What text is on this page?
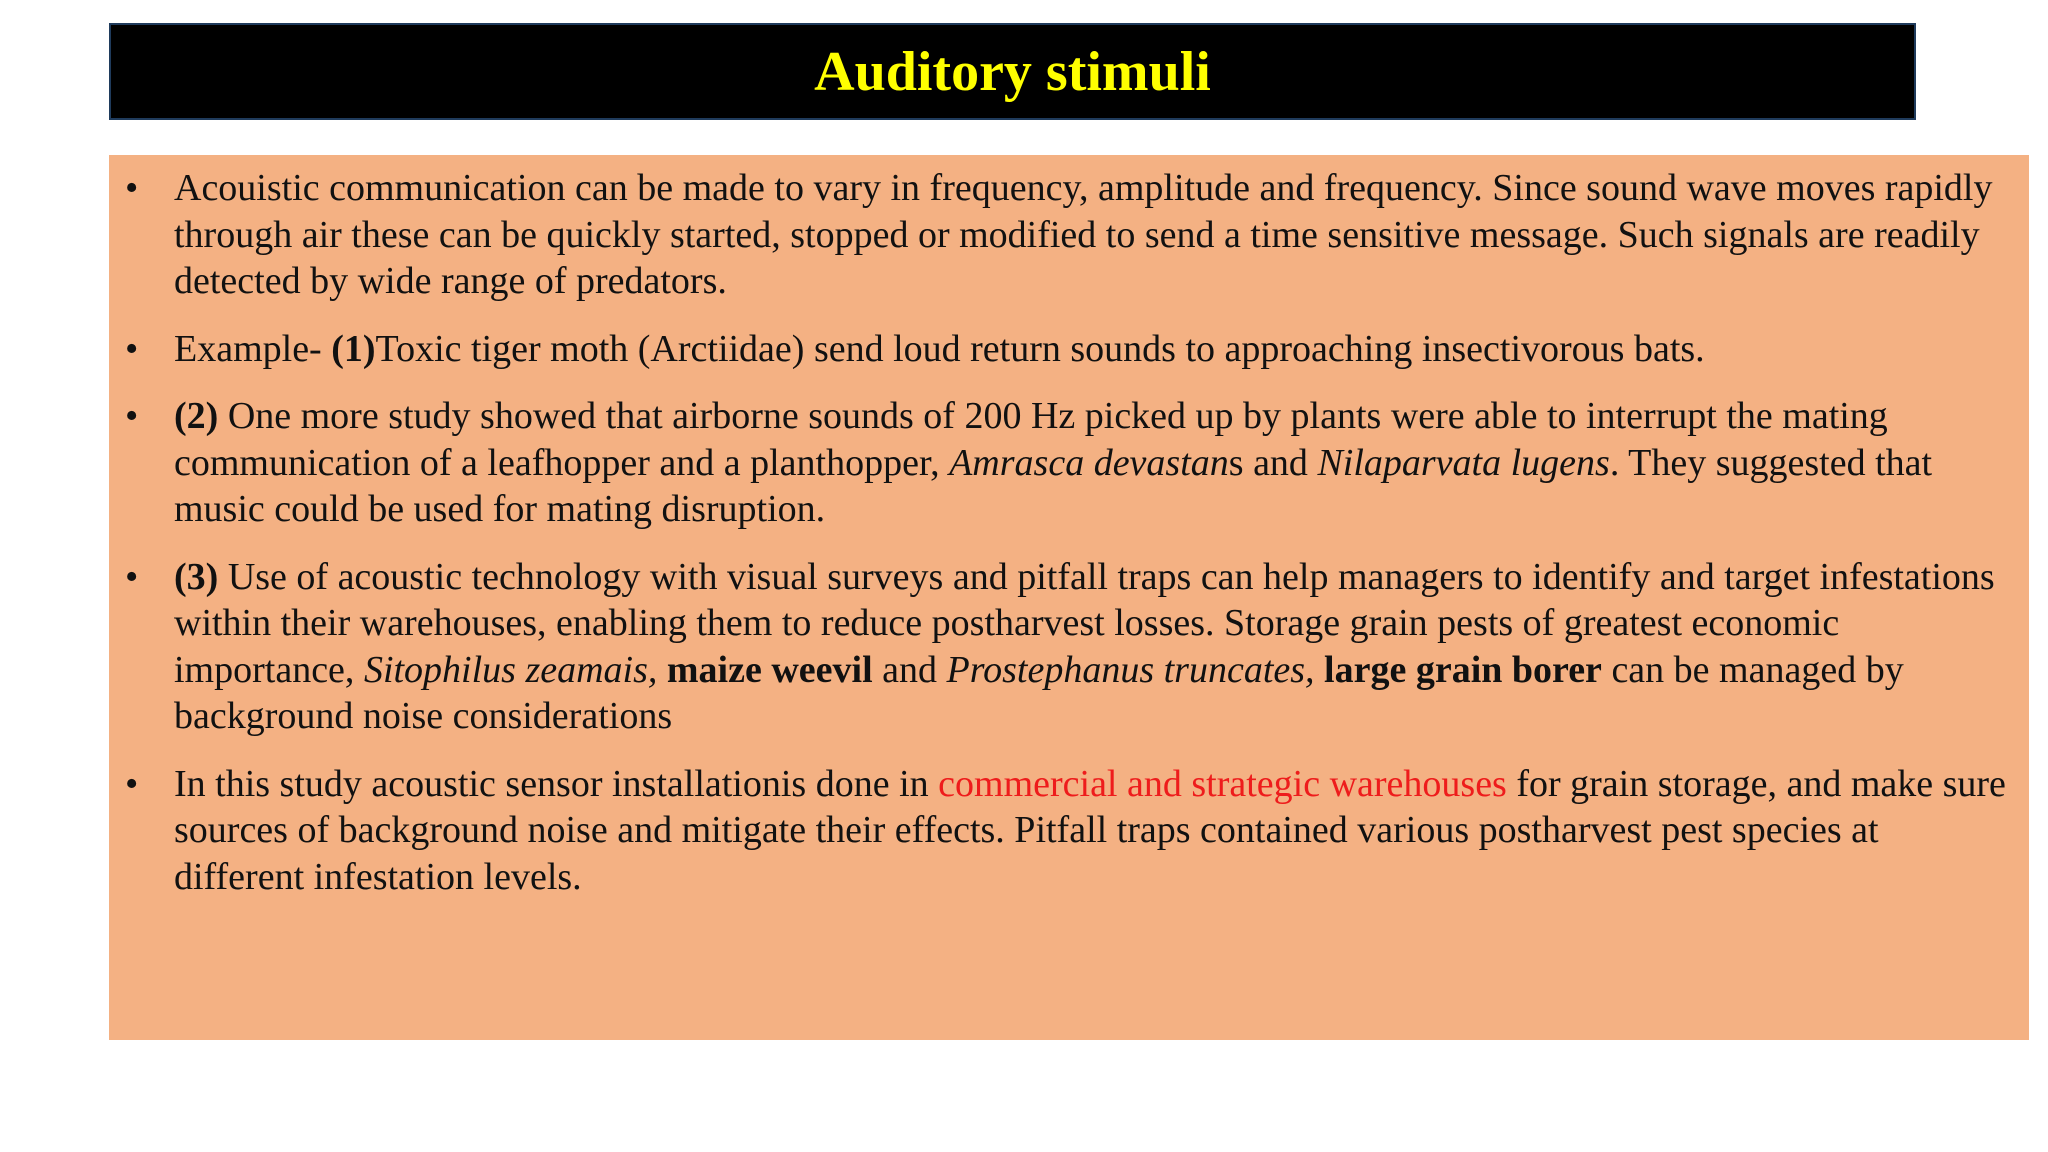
Auditory stimuli
• Acouistic communication can be made to vary in frequency, amplitude and frequency. Since sound wave moves rapidly through air these can be quickly started, stopped or modified to send a time sensitive message. Such signals are readily detected by wide range of predators.
• Example- (1)Toxic tiger moth (Arctiidae) send loud return sounds to approaching insectivorous bats.
• (2) One more study showed that airborne sounds of 200 Hz picked up by plants were able to interrupt the mating communication of a leafhopper and a planthopper, Amrasca devastans and Nilaparvata lugens. They suggested that music could be used for mating disruption.
• (3) Use of acoustic technology with visual surveys and pitfall traps can help managers to identify and target infestations within their warehouses, enabling them to reduce postharvest losses. Storage grain pests of greatest economic importance, Sitophilus zeamais, maize weevil and Prostephanus truncates, large grain borer can be managed by background noise considerations
• In this study acoustic sensor installationis done in commercial and strategic warehouses for grain storage, and make sure sources of background noise and mitigate their effects. Pitfall traps contained various postharvest pest species at different infestation levels.
